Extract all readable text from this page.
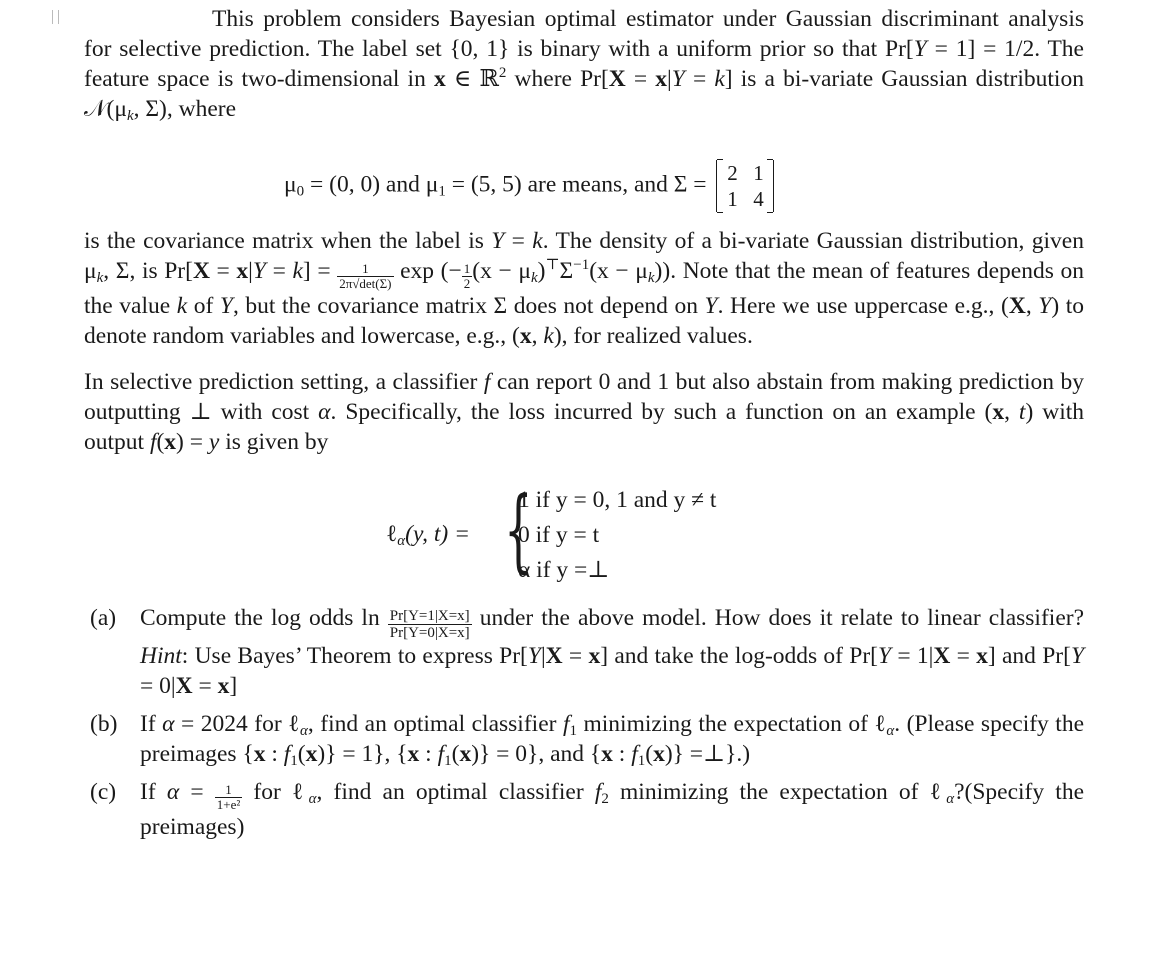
This problem considers Bayesian optimal estimator under Gaussian discriminant analysis for selective prediction. The label set {0, 1} is binary with a uniform prior so that Pr[Y = 1] = 1/2. The feature space is two-dimensional in x ∈ ℝ$^2$ where Pr[X = x|Y = k] is a bi-variate Gaussian distribution $𝒩(\mu_k$, Σ), where

$\mu_0 = (0$, 0) and $\mu_1 = (5$, 5) are means, and Σ = 2 1
1 4

is the covariance matrix when the label is Y = k. The density of a bi-variate Gaussian distribution, given $\mu_k$, Σ, is $Pr[X = x|Y = k] = \frac{1}{2\pi√\det(\Sigma)}$ exp (− $\frac{1}{2} (x - \mu_k)^⊤\Sigma^{-1}(x - \mu_k)$). Note that the mean of features depends on the value k of Y, but the covariance matrix Σ does not depend on Y. Here we use uppercase e.g., (X, Y) to denote random variables and lowercase, e.g., (x, k), for realized values.

In selective prediction setting, a classifier f can report 0 and 1 but also abstain from making prediction by outputting ⊥ with cost α. Specifically, the loss incurred by such a function on an example (x, t) with output f(x) = y is given by

ℓ$_\alpha$(y, t) = {
1 if y = 0, 1 and y ≠ t
0 if y = t
α if y =⊥
(a)	Compute the log odds $\ln \frac{Pr[Y=1|X=x]}{Pr[Y=0|X=x]}$ under the above model. How does it relate to linear classifier? Hint: Use Bayes’ Theorem to express Pr[Y|X = x] and take the log-odds of Pr[Y = 1|X = x] and Pr[Y = 0|X = x]
(b) If α = 2024 for ℓ$_\alpha$, find an optimal classifier $f_1$ minimizing the expectation of ℓ$_\alpha$. (Please specify the preimages {x : $f_1(x)\} = 1$}, {x : $f_1(x)\} = 0$}, and {x : $f_1(x)$} =⊥}.)
(c)	If $\alpha = \frac{1}{\text{1+e²}}$ for ℓ$_\alpha$, find an optimal classifier $f_2$ minimizing the expectation of ℓ$_\alpha$?(Specify the preimages)
